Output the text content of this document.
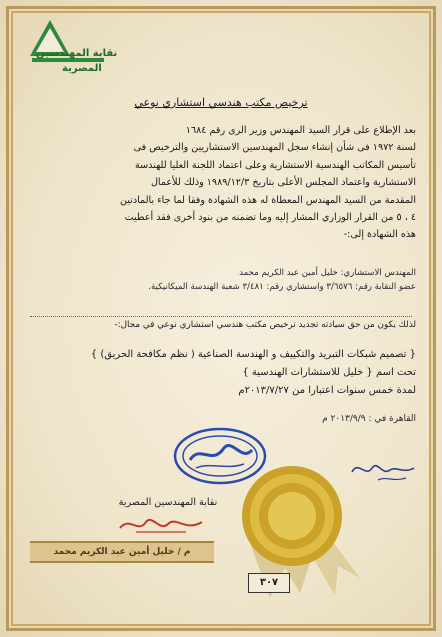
نقابة المهندسين
المصرية
ترخيص مكتب هندسي استشاري نوعي
بعد الإطلاع على قرار السيد المهندس وزير الرى رقم ١٦٨٤
لسنة ١٩٧٢ فى شأن إنشاء سجل المهندسين الاستشاريين والترخيص فى
تأسيس المكاتب الهندسية الاستشارية وعلى اعتماد اللجنة العليا للهندسة
الاستشارية واعتماد المجلس الأعلى بتاريخ ١٩٨٩/١٢/٣ وذلك للأعمال
المقدمة من السيد المهندس المعطاة له هذه الشهادة وفقا لما جاء بالمادتين
٤ ، ٥ من القرار الوزاري المشار إليه وما تضمنه من بنود أخرى فقد أعطيت
هذه الشهادة إلى:-
المهندس الاستشاري: خليل أمين عبد الكريم محمد
عضو النقابة رقم: ٣/٦٥٧٦ واستشاري رقم: ٣/٤٨١ شعبة الهندسة الميكانيكية.
لذلك يكون من حق سيادته تجديد ترخيص مكتب هندسي استشاري نوعي في مجال:-
{ تصميم شبكات التبريد والتكييف و الهندسة الصناعية ( نظم مكافحة الحريق) }
تحت اسم { خليل للاستشارات الهندسية }
لمدة خمس سنوات اعتبارا من ٢٠١٣/٧/٢٧م
القاهرة في : ٢٠١٣/٩/٩ م
نقابة المهندسين المصرية
م / خليل أمين عبد الكريم محمد
٣٠٧
